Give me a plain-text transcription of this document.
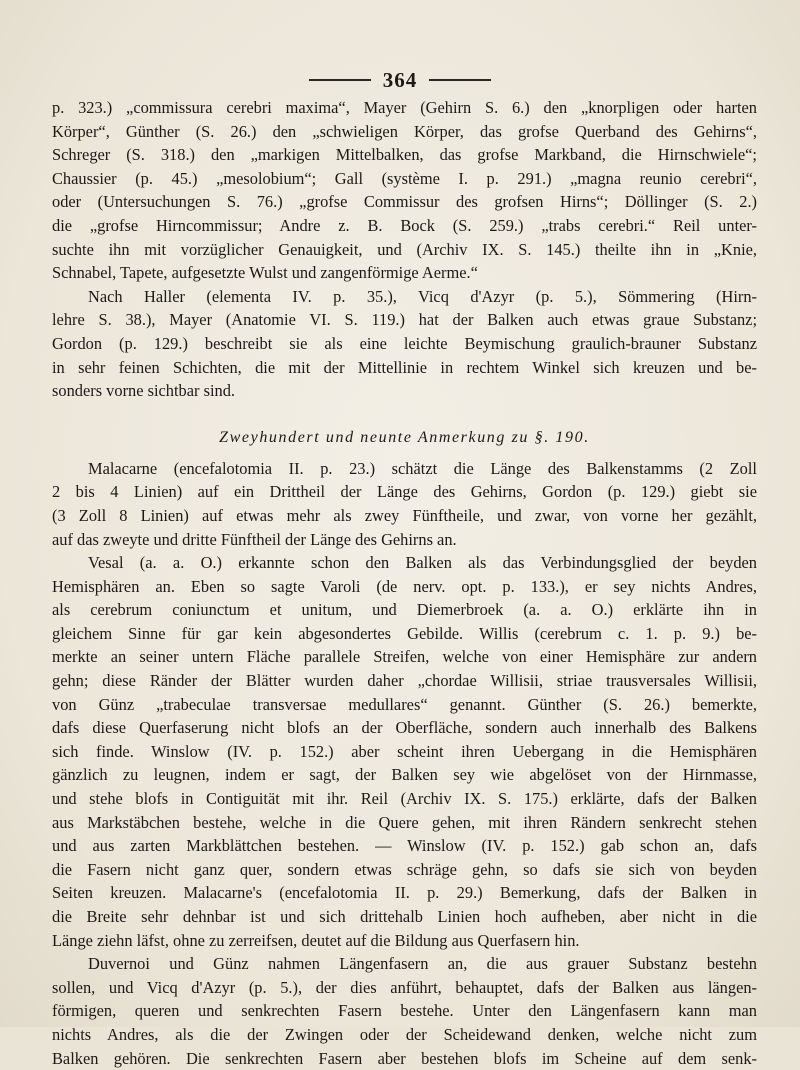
364
p. 323.) „commissura cerebri maxima“, Mayer (Gehirn S. 6.) den „knorpligen oder harten
Körper“, Günther (S. 26.) den „schwieligen Körper, das grofse Querband des Gehirns“,
Schreger (S. 318.) den „markigen Mittelbalken, das grofse Markband, die Hirnschwiele“;
Chaussier (p. 45.) „mesolobium“; Gall (système I. p. 291.) „magna reunio cerebri“,
oder (Untersuchungen S. 76.) „grofse Commissur des grofsen Hirns“; Döllinger (S. 2.)
die „grofse Hirncommissur; Andre z. B. Bock (S. 259.) „trabs cerebri.“ Reil unter-
suchte ihn mit vorzüglicher Genauigkeit, und (Archiv IX. S. 145.) theilte ihn in „Knie,
Schnabel, Tapete, aufgesetzte Wulst und zangenförmige Aerme.“
Nach Haller (elementa IV. p. 35.), Vicq d'Azyr (p. 5.), Sömmering (Hirn-
lehre S. 38.), Mayer (Anatomie VI. S. 119.) hat der Balken auch etwas graue Substanz;
Gordon (p. 129.) beschreibt sie als eine leichte Beymischung graulich-brauner Substanz
in sehr feinen Schichten, die mit der Mittellinie in rechtem Winkel sich kreuzen und be-
sonders vorne sichtbar sind.
Zweyhundert und neunte Anmerkung zu §. 190.
Malacarne (encefalotomia II. p. 23.) schätzt die Länge des Balkenstamms (2 Zoll
2 bis 4 Linien) auf ein Drittheil der Länge des Gehirns, Gordon (p. 129.) giebt sie
(3 Zoll 8 Linien) auf etwas mehr als zwey Fünftheile, und zwar, von vorne her gezählt,
auf das zweyte und dritte Fünftheil der Länge des Gehirns an.
Vesal (a. a. O.) erkannte schon den Balken als das Verbindungsglied der beyden
Hemisphären an. Eben so sagte Varoli (de nerv. opt. p. 133.), er sey nichts Andres,
als cerebrum coniunctum et unitum, und Diemerbroek (a. a. O.) erklärte ihn in
gleichem Sinne für gar kein abgesondertes Gebilde. Willis (cerebrum c. 1. p. 9.) be-
merkte an seiner untern Fläche parallele Streifen, welche von einer Hemisphäre zur andern
gehn; diese Ränder der Blätter wurden daher „chordae Willisii, striae trausversales Willisii,
von Günz „trabeculae transversae medullares“ genannt. Günther (S. 26.) bemerkte,
dafs diese Querfaserung nicht blofs an der Oberfläche, sondern auch innerhalb des Balkens
sich finde. Winslow (IV. p. 152.) aber scheint ihren Uebergang in die Hemisphären
gänzlich zu leugnen, indem er sagt, der Balken sey wie abgelöset von der Hirnmasse,
und stehe blofs in Contiguität mit ihr. Reil (Archiv IX. S. 175.) erklärte, dafs der Balken
aus Markstäbchen bestehe, welche in die Quere gehen, mit ihren Rändern senkrecht stehen
und aus zarten Markblättchen bestehen. — Winslow (IV. p. 152.) gab schon an, dafs
die Fasern nicht ganz quer, sondern etwas schräge gehn, so dafs sie sich von beyden
Seiten kreuzen. Malacarne's (encefalotomia II. p. 29.) Bemerkung, dafs der Balken in
die Breite sehr dehnbar ist und sich drittehalb Linien hoch aufheben, aber nicht in die
Länge ziehn läfst, ohne zu zerreifsen, deutet auf die Bildung aus Querfasern hin.
Duvernoi und Günz nahmen Längenfasern an, die aus grauer Substanz bestehn
sollen, und Vicq d'Azyr (p. 5.), der dies anführt, behauptet, dafs der Balken aus längen-
förmigen, queren und senkrechten Fasern bestehe. Unter den Längenfasern kann man
nichts Andres, als die der Zwingen oder der Scheidewand denken, welche nicht zum
Balken gehören. Die senkrechten Fasern aber bestehen blofs im Scheine auf dem senk-
